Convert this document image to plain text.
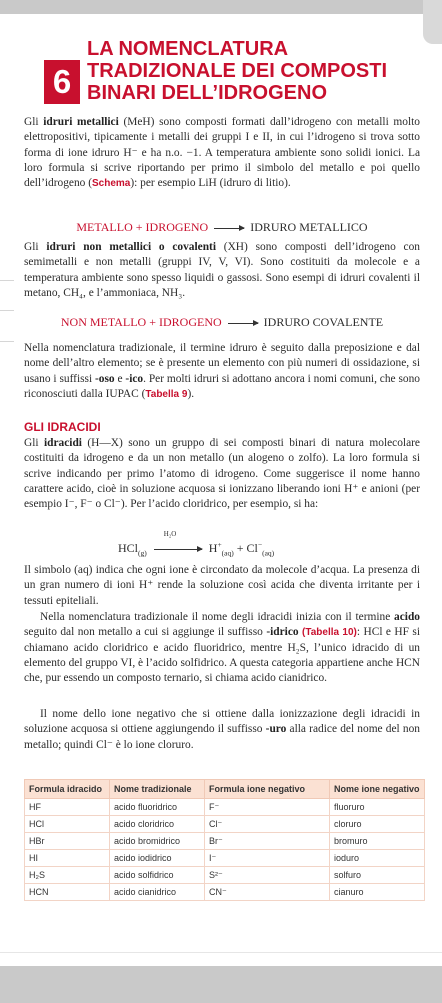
6
LA NOMENCLATURA
TRADIZIONALE DEI COMPOSTI
BINARI DELL’IDROGENO
Gli idruri metallici (MeH) sono composti formati dall’idrogeno con metalli molto elettropositivi, tipicamente i metalli dei gruppi I e II, in cui l’idrogeno si trova sotto forma di ione idruro H⁻ e ha n.o. −1. A temperatura ambiente sono solidi ionici. La loro formula si scrive riportando per primo il simbolo del metallo e poi quello dell’idrogeno (Schema): per esempio LiH (idruro di litio).
METALLO + IDROGENO → IDRURO METALLICO
Gli idruri non metallici o covalenti (XH) sono composti dell’idrogeno con semimetalli e non metalli (gruppi IV, V, VI). Sono costituiti da molecole e a temperatura ambiente sono spesso liquidi o gassosi. Sono esempi di idruri covalenti il metano, CH₄, e l’ammoniaca, NH₃.
NON METALLO + IDROGENO → IDRURO COVALENTE
Nella nomenclatura tradizionale, il termine idruro è seguito dalla preposizione e dal nome dell’altro elemento; se è presente un elemento con più numeri di ossidazione, si usano i suffissi -oso e -ico. Per molti idruri si adottano ancora i nomi comuni, che sono riconosciuti dalla IUPAC (Tabella 9).
GLI IDRACIDI
Gli idracidi (H—X) sono un gruppo di sei composti binari di natura molecolare costituiti da idrogeno e da un non metallo (un alogeno o zolfo). La loro formula si scrive indicando per primo l’atomo di idrogeno. Come suggerisce il nome hanno carattere acido, cioè in soluzione acquosa si ionizzano liberando ioni H⁺ e anioni (per esempio I⁻, F⁻ o Cl⁻). Per l’acido cloridrico, per esempio, si ha:
HCl$_{(g)}$
H₂O
$H^+_{(aq)} + Cl^-_{(aq)}$
Il simbolo (aq) indica che ogni ione è circondato da molecole d’acqua. La presenza di un gran numero di ioni H⁺ rende la soluzione così acida che diventa irritante per i tessuti epiteliali.
Nella nomenclatura tradizionale il nome degli idracidi inizia con il termine acido seguito dal non metallo a cui si aggiunge il suffisso -idrico (Tabella 10): HCl e HF si chiamano acido cloridrico e acido fluoridrico, mentre H₂S, l’unico idracido di un elemento del gruppo VI, è l’acido solfidrico. A questa categoria appartiene anche HCN che, pur essendo un composto ternario, si chiama acido cianidrico.
Il nome dello ione negativo che si ottiene dalla ionizzazione degli idracidi in soluzione acquosa si ottiene aggiungendo il suffisso -uro alla radice del nome del non metallo; quindi Cl⁻ è lo ione cloruro.
Formula idracido	Nome tradizionale	Formula ione negativo	Nome ione negativo
HF	acido fluoridrico	F⁻	fluoruro
HCl	acido cloridrico	Cl⁻	cloruro
HBr	acido bromidrico	Br⁻	bromuro
HI	acido iodidrico	I⁻	ioduro
H₂S	acido solfidrico	S²⁻	solfuro
HCN	acido cianidrico	CN⁻	cianuro
